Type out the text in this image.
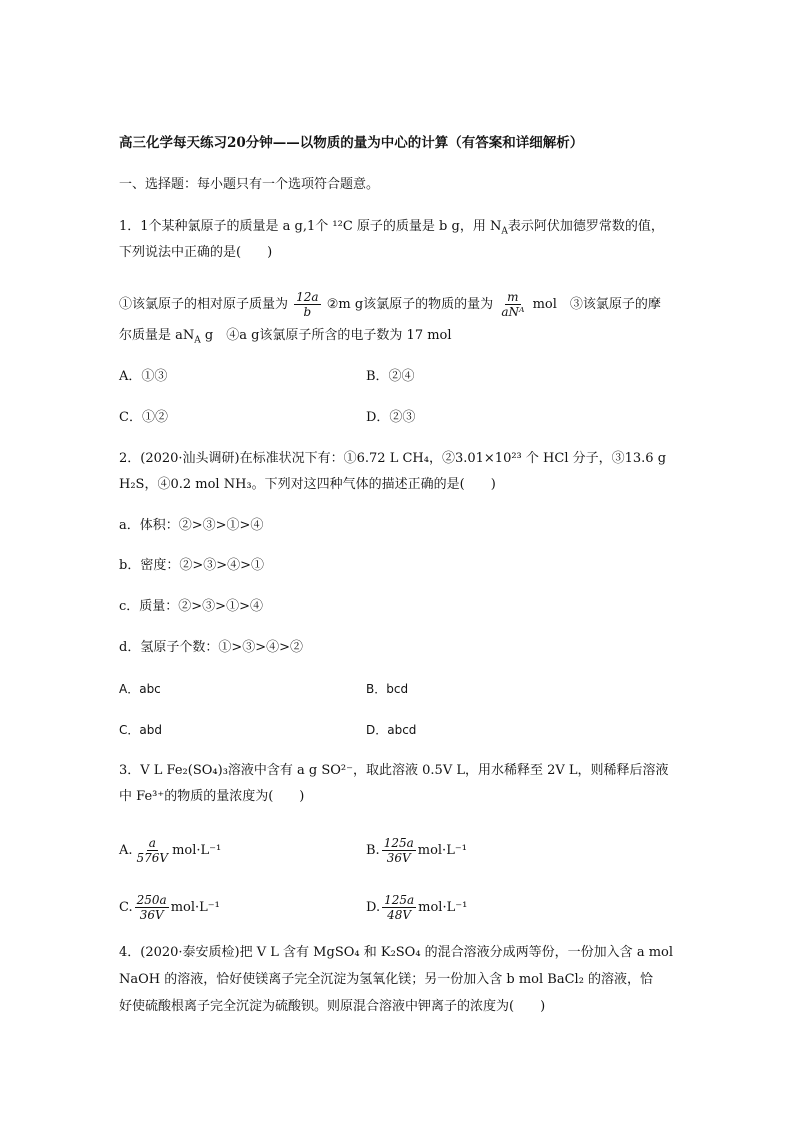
高三化学每天练习20分钟——以物质的量为中心的计算（有答案和详细解析）
一、选择题：每小题只有一个选项符合题意。
1．1个某种氯原子的质量是 a g,1个 ¹²C 原子的质量是 b g，用 $N_A$表示阿伏加德罗常数的值，
下列说法中正确的是(　　)
①该氯原子的相对原子质量为 $\frac{12a}{b}$ ②m g该氯原子的物质的量为 $\frac{m}{\text{aNᴬ}}$ mol　③该氯原子的摩
尔质量是 $aN_A$ g　④a g该氯原子所含的电子数为 17 mol
A．①③	B．②④
C．①②	D．②③
2．(2020·汕头调研)在标准状况下有：①6.72 L CH₄，②3.01×10²³ 个 HCl 分子，③13.6 g
H₂S，④0.2 mol NH₃。下列对这四种气体的描述正确的是(　　)
a．体积：②>③>①>④
b．密度：②>③>④>①
c．质量：②>③>①>④
d．氢原子个数：①>③>④>②
A．abc	B．bcd
C．abd	D．abcd
3．V L Fe₂(SO₄)₃溶液中含有 a g SO²⁻，取此溶液 0.5V L，用水稀释至 2V L，则稀释后溶液
中 Fe³⁺的物质的量浓度为(　　)
A. $\frac{a}{576V} mol\cdot L^{-1}$	B. $\frac{125a}{36V} mol\cdot L^{-1}$
C. $\frac{250a}{36V} mol\cdot L^{-1}$	D. $\frac{125a}{48V} mol\cdot L^{-1}$
4．(2020·泰安质检)把 V L 含有 MgSO₄ 和 K₂SO₄ 的混合溶液分成两等份，一份加入含 a mol
NaOH 的溶液，恰好使镁离子完全沉淀为氢氧化镁；另一份加入含 b mol BaCl₂ 的溶液，恰
好使硫酸根离子完全沉淀为硫酸钡。则原混合溶液中钾离子的浓度为(　　)
